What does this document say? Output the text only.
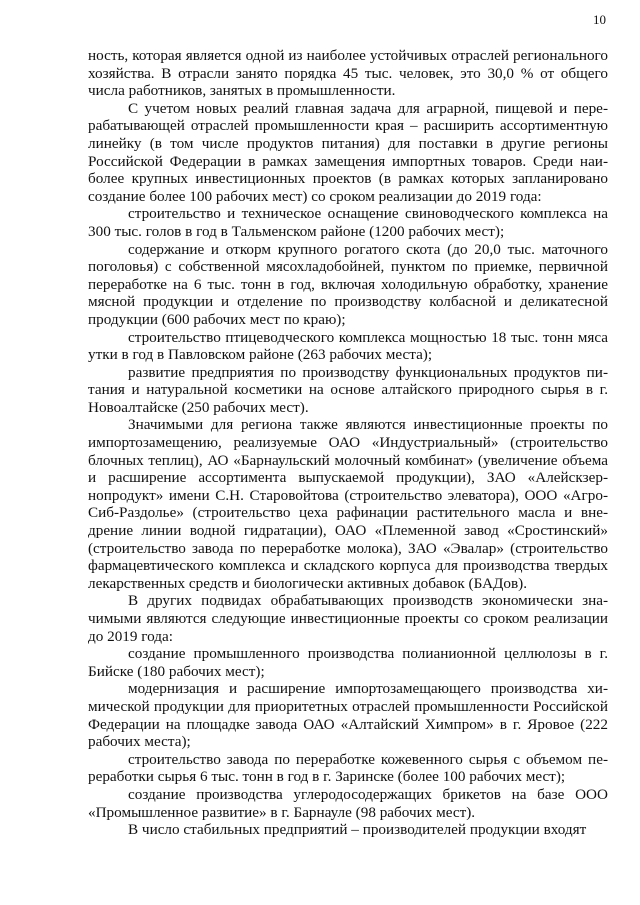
10

ность, которая является одной из наиболее устойчивых отраслей регионального хозяйства. В отрасли занято порядка 45 тыс. человек, это 30,0 % от общего числа работников, занятых в промышленности.

С учетом новых реалий главная задача для аграрной, пищевой и перерабатывающей отраслей промышленности края – расширить ассортиментную линейку (в том числе продуктов питания) для поставки в другие регионы Российской Федерации в рамках замещения импортных товаров. Среди наиболее крупных инвестиционных проектов (в рамках которых запланировано создание более 100 рабочих мест) со сроком реализации до 2019 года:

строительство и техническое оснащение свиноводческого комплекса на 300 тыс. голов в год в Тальменском районе (1200 рабочих мест);

содержание и откорм крупного рогатого скота (до 20,0 тыс. маточного поголовья) с собственной мясохладобойней, пунктом по приемке, первичной переработке на 6 тыс. тонн в год, включая холодильную обработку, хранение мясной продукции и отделение по производству колбасной и деликатесной продукции (600 рабочих мест по краю);

строительство птицеводческого комплекса мощностью 18 тыс. тонн мяса утки в год в Павловском районе (263 рабочих места);

развитие предприятия по производству функциональных продуктов питания и натуральной косметики на основе алтайского природного сырья в г. Новоалтайске (250 рабочих мест).

Значимыми для региона также являются инвестиционные проекты по импортозамещению, реализуемые ОАО «Индустриальный» (строительство блочных теплиц), АО «Барнаульский молочный комбинат» (увеличение объема и расширение ассортимента выпускаемой продукции), ЗАО «Алейскзернопродукт» имени С.Н. Старовойтова (строительство элеватора), ООО «АгроСиб-Раздолье» (строительство цеха рафинации растительного масла и внедрение линии водной гидратации), ОАО «Племенной завод «Сростинский» (строительство завода по переработке молока), ЗАО «Эвалар» (строительство фармацевтического комплекса и складского корпуса для производства твердых лекарственных средств и биологически активных добавок (БАДов).

В других подвидах обрабатывающих производств экономически значимыми являются следующие инвестиционные проекты со сроком реализации до 2019 года:

создание промышленного производства полианионной целлюлозы в г. Бийске (180 рабочих мест);

модернизация и расширение импортозамещающего производства химической продукции для приоритетных отраслей промышленности Российской Федерации на площадке завода ОАО «Алтайский Химпром» в г. Яровое (222 рабочих места);

строительство завода по переработке кожевенного сырья с объемом переработки сырья 6 тыс. тонн в год в г. Заринске (более 100 рабочих мест);

создание производства углеродосодержащих брикетов на базе ООО «Промышленное развитие» в г. Барнауле (98 рабочих мест).

В число стабильных предприятий – производителей продукции входят
